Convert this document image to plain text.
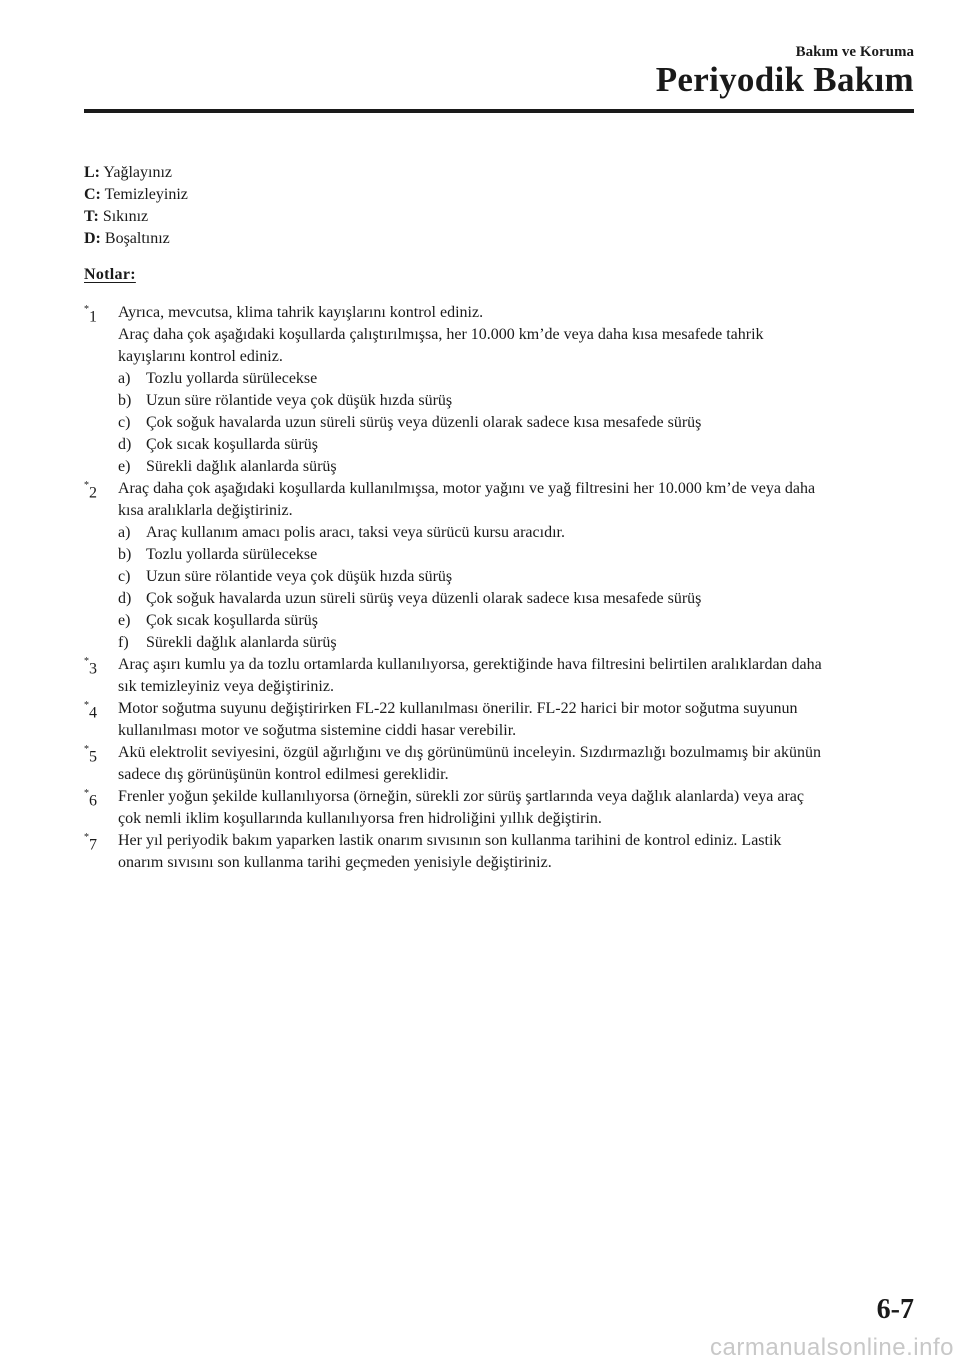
Bakım ve Koruma
Periyodik Bakım
L: Yağlayınız
C: Temizleyiniz
T: Sıkınız
D: Boşaltınız
Notlar:
*1 Ayrıca, mevcutsa, klima tahrik kayışlarını kontrol ediniz.
Araç daha çok aşağıdaki koşullarda çalıştırılmışsa, her 10.000 km’de veya daha kısa mesafede tahrik
kayışlarını kontrol ediniz.
a) Tozlu yollarda sürülecekse
b) Uzun süre rölantide veya çok düşük hızda sürüş
c) Çok soğuk havalarda uzun süreli sürüş veya düzenli olarak sadece kısa mesafede sürüş
d) Çok sıcak koşullarda sürüş
e) Sürekli dağlık alanlarda sürüş
*2 Araç daha çok aşağıdaki koşullarda kullanılmışsa, motor yağını ve yağ filtresini her 10.000 km’de veya daha
kısa aralıklarla değiştiriniz.
a) Araç kullanım amacı polis aracı, taksi veya sürücü kursu aracıdır.
b) Tozlu yollarda sürülecekse
c) Uzun süre rölantide veya çok düşük hızda sürüş
d) Çok soğuk havalarda uzun süreli sürüş veya düzenli olarak sadece kısa mesafede sürüş
e) Çok sıcak koşullarda sürüş
f) Sürekli dağlık alanlarda sürüş
*3 Araç aşırı kumlu ya da tozlu ortamlarda kullanılıyorsa, gerektiğinde hava filtresini belirtilen aralıklardan daha
sık temizleyiniz veya değiştiriniz.
*4 Motor soğutma suyunu değiştirirken FL-22 kullanılması önerilir. FL-22 harici bir motor soğutma suyunun
kullanılması motor ve soğutma sistemine ciddi hasar verebilir.
*5 Akü elektrolit seviyesini, özgül ağırlığını ve dış görünümünü inceleyin. Sızdırmazlığı bozulmamış bir akünün
sadece dış görünüşünün kontrol edilmesi gereklidir.
*6 Frenler yoğun şekilde kullanılıyorsa (örneğin, sürekli zor sürüş şartlarında veya dağlık alanlarda) veya araç
çok nemli iklim koşullarında kullanılıyorsa fren hidroliğini yıllık değiştirin.
*7 Her yıl periyodik bakım yaparken lastik onarım sıvısının son kullanma tarihini de kontrol ediniz. Lastik
onarım sıvısını son kullanma tarihi geçmeden yenisiyle değiştiriniz.
6-7
carmanualsonline.info
